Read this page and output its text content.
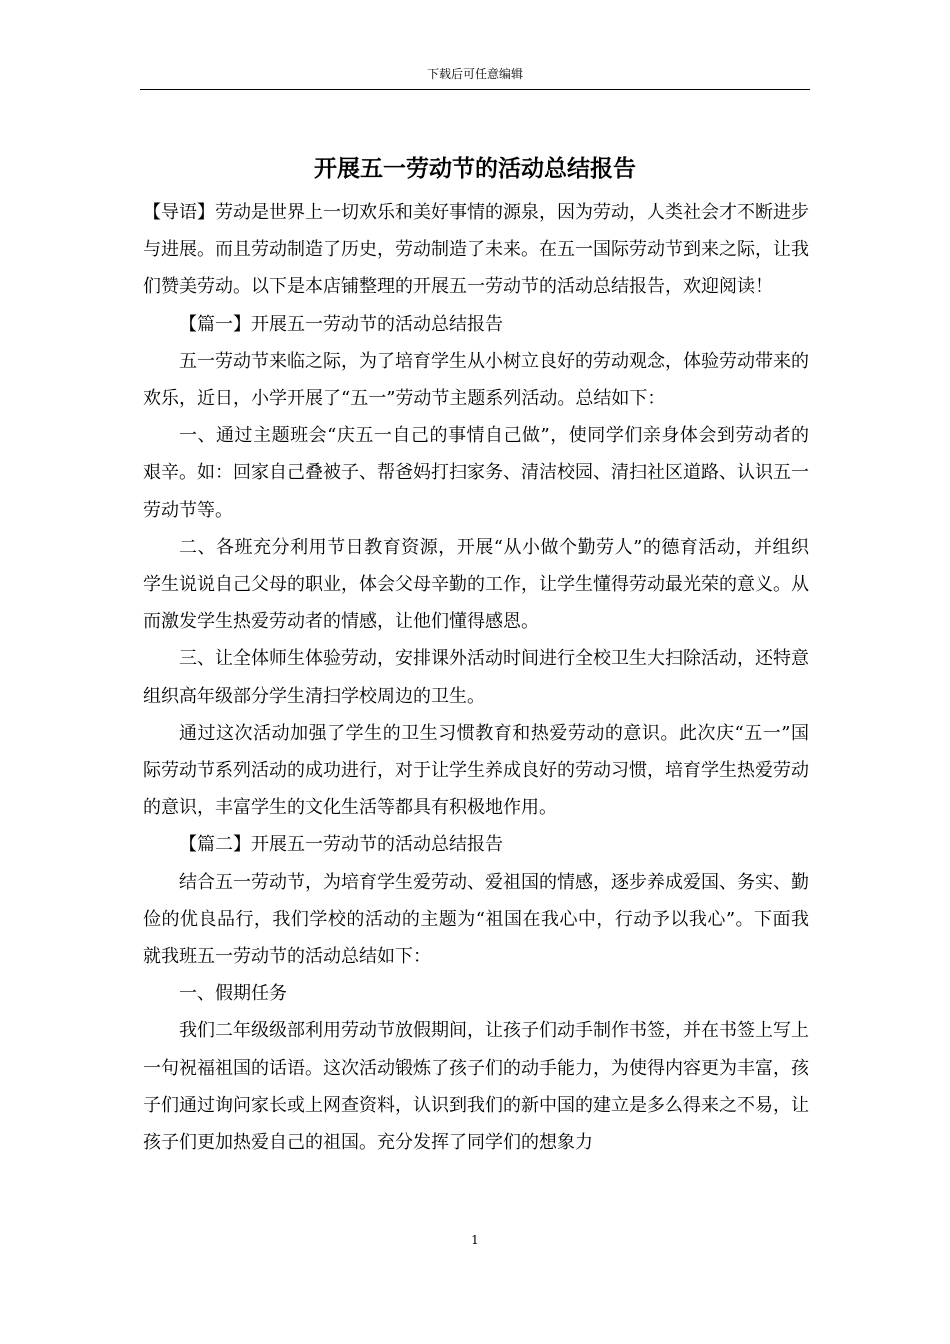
下载后可任意编辑
开展五一劳动节的活动总结报告

【导语】劳动是世界上一切欢乐和美好事情的源泉，因为劳动，人类社会才不断进步与进展。而且劳动制造了历史，劳动制造了未来。在五一国际劳动节到来之际，让我们赞美劳动。以下是本店铺整理的开展五一劳动节的活动总结报告，欢迎阅读！

【篇一】开展五一劳动节的活动总结报告

五一劳动节来临之际，为了培育学生从小树立良好的劳动观念，体验劳动带来的欢乐，近日，小学开展了“五一”劳动节主题系列活动。总结如下：

一、通过主题班会“庆五一自己的事情自己做”，使同学们亲身体会到劳动者的艰辛。如：回家自己叠被子、帮爸妈打扫家务、清洁校园、清扫社区道路、认识五一劳动节等。

二、各班充分利用节日教育资源，开展“从小做个勤劳人”的德育活动，并组织学生说说自己父母的职业，体会父母辛勤的工作，让学生懂得劳动最光荣的意义。从而激发学生热爱劳动者的情感，让他们懂得感恩。

三、让全体师生体验劳动，安排课外活动时间进行全校卫生大扫除活动，还特意组织高年级部分学生清扫学校周边的卫生。

通过这次活动加强了学生的卫生习惯教育和热爱劳动的意识。此次庆“五一”国际劳动节系列活动的成功进行，对于让学生养成良好的劳动习惯，培育学生热爱劳动的意识，丰富学生的文化生活等都具有积极地作用。

【篇二】开展五一劳动节的活动总结报告

结合五一劳动节，为培育学生爱劳动、爱祖国的情感，逐步养成爱国、务实、勤俭的优良品行，我们学校的活动的主题为“祖国在我心中，行动予以我心”。下面我就我班五一劳动节的活动总结如下：

一、假期任务

我们二年级级部利用劳动节放假期间，让孩子们动手制作书签，并在书签上写上一句祝福祖国的话语。这次活动锻炼了孩子们的动手能力，为使得内容更为丰富，孩子们通过询问家长或上网查资料，认识到我们的新中国的建立是多么得来之不易，让孩子们更加热爱自己的祖国。充分发挥了同学们的想象力

1
